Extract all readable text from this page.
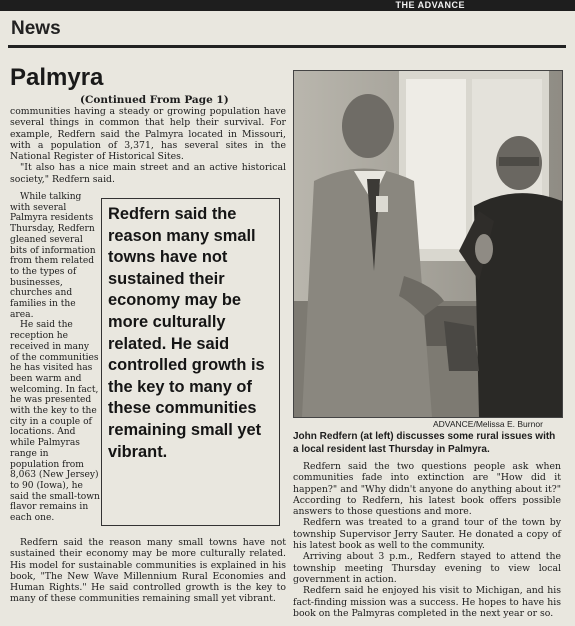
THE ADVANCE
News
Palmyra
(Continued From Page 1)

communities having a steady or growing population have several things in common that help their survival. For example, Redfern said the Palmyra located in Missouri, with a population of 3,371, has several sites in the National Register of Historical Sites.

"It also has a nice main street and an active historical society," Redfern said.

While talking with several Palmyra residents Thursday, Redfern gleaned several bits of information from them related to the types of businesses, churches and families in the area.

He said the reception he received in many of the communities he has visited has been warm and welcoming. In fact, he was presented with the key to the city in a couple of locations. And while Palmyras range in population from 8,063 (New Jersey) to 90 (Iowa), he said the small-town flavor remains in each one.

Redfern said the reason many small towns have not sustained their economy may be more culturally related. He said controlled growth is the key to many of these communities remaining small yet vibrant.

Redfern said the reason many small towns have not sustained their economy may be more culturally related. His model for sustainable communities is explained in his book, "The New Wave Millennium Rural Economies and Human Rights." He said controlled growth is the key to many of these communities remaining small yet vibrant.

ADVANCE/Melissa E. Burnor
John Redfern (at left) discusses some rural issues with a local resident last Thursday in Palmyra.

Redfern said the two questions people ask when communities fade into extinction are "How did it happen?" and "Why didn't anyone do anything about it?" According to Redfern, his latest book offers possible answers to those questions and more.

Redfern was treated to a grand tour of the town by township Supervisor Jerry Sauter. He donated a copy of his latest book as well to the community.

Arriving about 3 p.m., Redfern stayed to attend the township meeting Thursday evening to view local government in action.

Redfern said he enjoyed his visit to Michigan, and his fact-finding mission was a success. He hopes to have his book on the Palmyras completed in the next year or so.
